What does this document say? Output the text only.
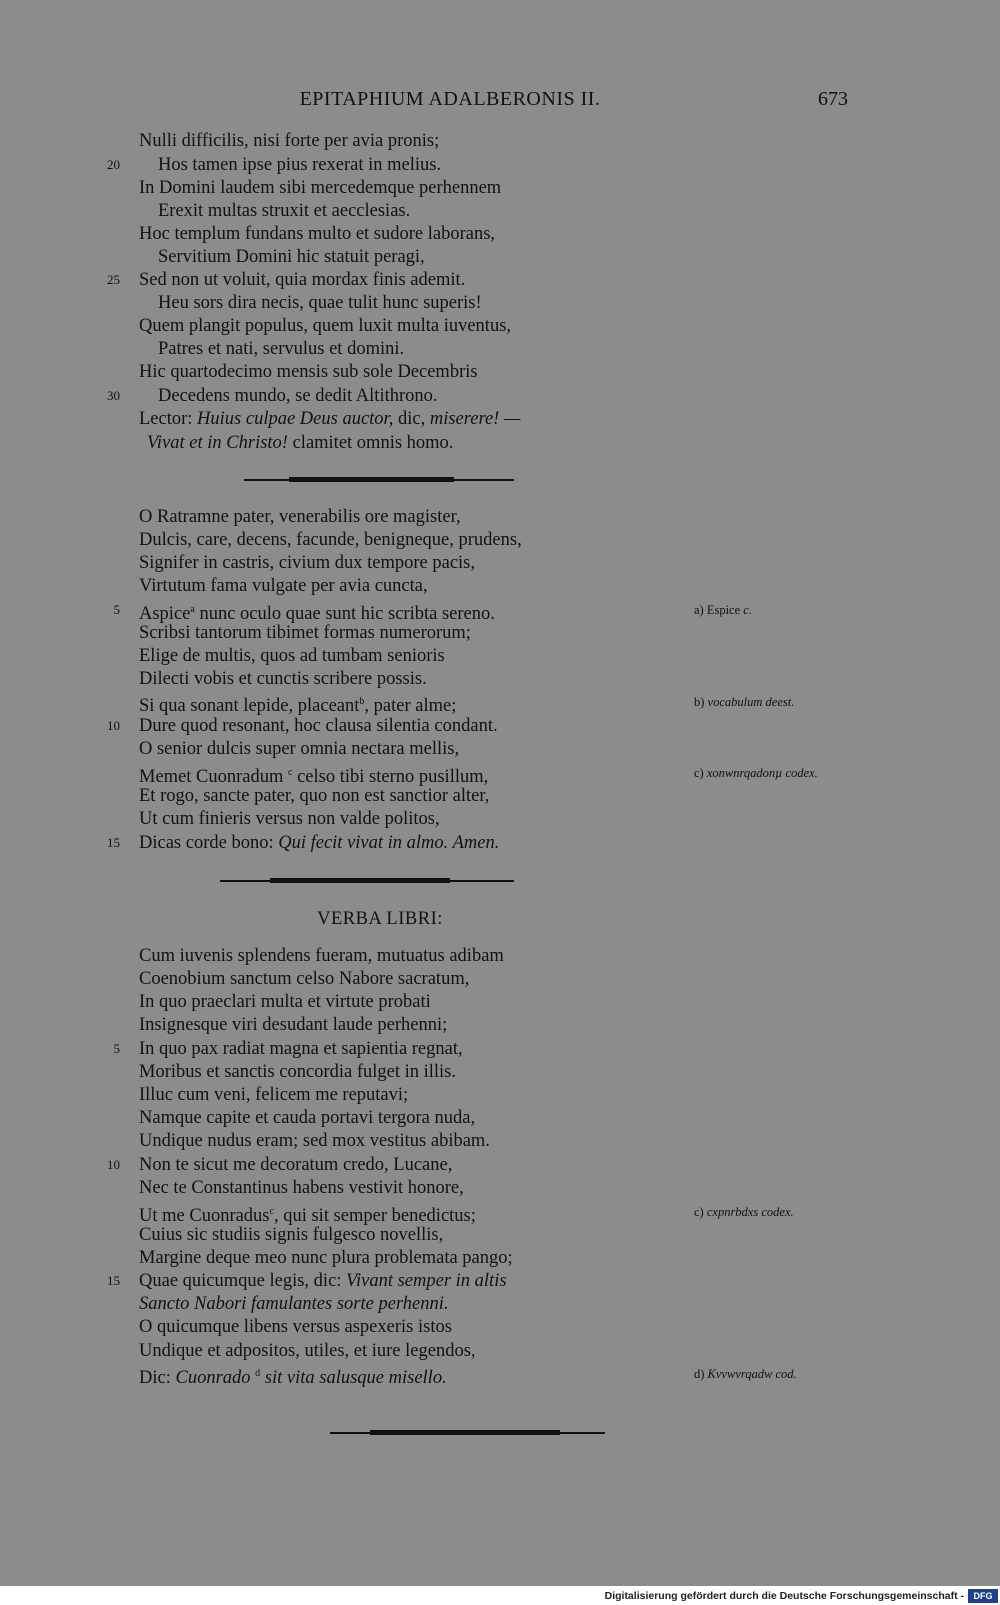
EPITAPHIUM ADALBERONIS II.	673
Nulli difficilis, nisi forte per avia pronis;
20 Hos tamen ipse pius rexerat in melius.
In Domini laudem sibi mercedemque perhennem
Erexit multas struxit et aecclesias.
Hoc templum fundans multo et sudore laborans,
Servitium Domini hic statuit peragi,
25 Sed non ut voluit, quia mordax finis ademit.
Heu sors dira necis, quae tulit hunc superis!
Quem plangit populus, quem luxit multa iuventus,
Patres et nati, servulus et domini.
Hic quartodecimo mensis sub sole Decembris
30 Decedens mundo, se dedit Altithrono.
Lector: Huius culpae Deus auctor, dic, miserere! —
Vivat et in Christo! clamitet omnis homo.
O Ratramne pater, venerabilis ore magister,
Dulcis, care, decens, facunde, benigneque, prudens,
Signifer in castris, civium dux tempore pacis,
Virtutum fama vulgate per avia cuncta,
5 Aspice$^a$ nunc oculo quae sunt hic scribta sereno.	a) Espice c.
Scribsi tantorum tibimet formas numerorum;
Elige de multis, quos ad tumbam senioris
Dilecti vobis et cunctis scribere possis.
Si qua sonant lepide, placeant$^b$, pater alme;	b) vocabulum deest.
10 Dure quod resonant, hoc clausa silentia condant.
O senior dulcis super omnia nectara mellis,
Memet Cuonradum $^c$ celso tibi sterno pusillum,	c) xonwnrqadonµ codex.
Et rogo, sancte pater, quo non est sanctior alter,
Ut cum finieris versus non valde politos,
15 Dicas corde bono: Qui fecit vivat in almo. Amen.
VERBA LIBRI:
Cum iuvenis splendens fueram, mutuatus adibam
Coenobium sanctum celso Nabore sacratum,
In quo praeclari multa et virtute probati
Insignesque viri desudant laude perhenni;
5 In quo pax radiat magna et sapientia regnat,
Moribus et sanctis concordia fulget in illis.
Illuc cum veni, felicem me reputavi;
Namque capite et cauda portavi tergora nuda,
Undique nudus eram; sed mox vestitus abibam.
10 Non te sicut me decoratum credo, Lucane,
Nec te Constantinus habens vestivit honore,
Ut me Cuonradus$^c$, qui sit semper benedictus;	c) cxpnrbdxs codex.
Cuius sic studiis signis fulgesco novellis,
Margine deque meo nunc plura problemata pango;
15 Quae quicumque legis, dic: Vivant semper in altis
Sancto Nabori famulantes sorte perhenni.
O quicumque libens versus aspexeris istos
Undique et adpositos, utiles, et iure legendos,
Dic: Cuonrado $^d$ sit vita salusque misello.	d) Kvvwvrqadw cod.
Digitalisierung gefördert durch die Deutsche Forschungsgemeinschaft -	DFG
